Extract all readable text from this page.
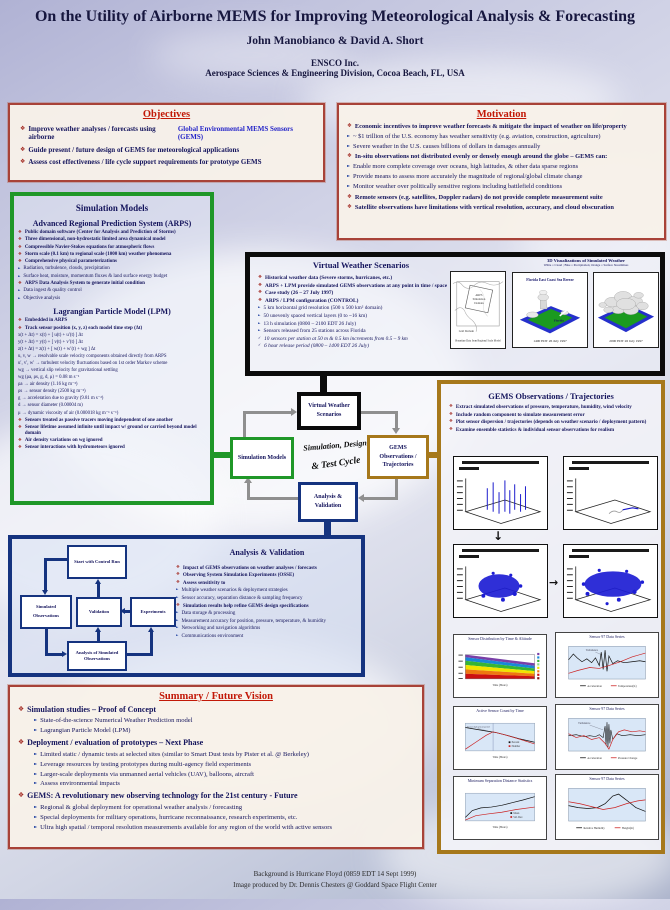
On the Utility of Airborne MEMS for Improving Meteorological Analysis & Forecasting
John Manobianco & David A. Short
ENSCO Inc.
Aerospace Sciences & Engineering Division, Cocoa Beach, FL, USA
Objectives
❖ Improve weather analyses / forecasts using airborne
Global Environmental MEMS Sensors (GEMS)
❖ Guide present / future design of GEMS for meteorological applications
❖ Assess cost effectiveness / life cycle support requirements for prototype GEMS
Motivation
❖ Economic incentives to improve weather forecasts & mitigate the impact of weather on life/property
► ~ $1 trillion of the U.S. economy has weather sensitivity (e.g. aviation, construction, agriculture)
► Severe weather in the U.S. causes billions of dollars in damages annually
❖ In-situ observations not distributed evenly or densely enough around the globe – GEMS can:
► Enable more complete coverage over oceans, high latitudes, & other data sparse regions
► Provide means to assess more accurately the magnitude of regional/global climate change
► Monitor weather over politically sensitive regions including battlefield conditions
❖ Remote sensors (e.g. satellites, Doppler radars) do not provide complete measurement suite
❖ Satellite observations have limitations with vertical resolution, accuracy, and cloud obscuration
Simulation Models
Advanced Regional Prediction System (ARPS)
❖ Public domain software (Center for Analysis and Prediction of Storms)
❖ Three dimensional, non-hydrostatic limited area dynamical model
❖ Compressible Navier-Stokes equations for atmospheric flows
❖ Storm scale (0.1 km) to regional scale (1000 km) weather phenomena
❖ Comprehensive physical parameterizations
► Radiation, turbulence, clouds, precipitation
► Surface heat, moisture, momentum fluxes & land surface energy budget
❖ ARPS Data Analysis System to generate initial condition
► Data ingest & quality control
► Objective analysis
Lagrangian Particle Model (LPM)
❖ Embedded in ARPS
❖ Track sensor position (x, y, z) each model time step (Δt)
x(t + Δt) = x(t) + [ u(t) + u′(t) ] Δt
y(t + Δt) = y(t) + [ v(t) + v′(t) ] Δt
z(t + Δt) = z(t) + [ w(t) + w′(t) + wg ] Δt
u, v, w → resolvable scale velocity components obtained directly from ARPS
u′, v′, w′ → turbulent velocity fluctuations based on 1st order Markov scheme
wg → vertical slip velocity for gravitational settling
wg (ρa, ρs, g, d, μ) = 0.08 m s⁻¹
ρa → air density (1.16 kg m⁻³)
ρs → sensor density (2500 kg m⁻³)
g → acceleration due to gravity (9.81 m s⁻²)
d → sensor diameter (0.00004 m)
μ → dynamic viscosity of air (0.000018 kg m⁻¹ s⁻¹)
❖ Sensors treated as passive tracers moving independent of one another
❖ Sensor lifetime assumed infinite until impact w/ ground or carried beyond model domain
❖ Air density variations on wg ignored
❖ Sensor interactions with hydrometeors ignored
Virtual Weather Scenarios
❖ Historical weather data (Severe storms, hurricanes, etc.)
❖ ARPS + LPM provide simulated GEMS observations at any point in time / space
❖ Case study (26 – 27 July 1997)
❖ ARPS / LPM configuration (CONTROL)
► 5 km horizontal grid resolution (500 x 500 km² domain)
► 50 unevenly spaced vertical layers (0 to ~16 km)
► 13 h simulation (0800 – 2100 EDT 26 July)
► Sensors released from 25 stations across Florida
✓ 10 sensors per station at 50 m & 0.5 km increments from 0.5 – 9 km
✓ 6 hour release period (0800 – 1400 EDT 26 July)
ARPS
Simulation
Domain
Grid Domain
Boundary Data from Regional Scale Model
3D Visualizations of Simulated Weather
White = Cloud ; Blue = Precipitation; Orange = Surface Streamlines
Florida East Coast Sea Breeze
Florida
1400 EDT 26 July 1997	2000 EDT 26 July 1997
Virtual Weather Scenarios
Simulation Models
GEMS Observations / Trajectories
Analysis & Validation
Simulation, Design
& Test Cycle
GEMS Observations / Trajectories
❖ Extract simulated observations of pressure, temperature, humidity, wind velocity
❖ Include random component to simulate measurement error
❖ Plot sensor dispersion / trajectories (depends on weather scenario / deployment pattern)
❖ Examine ensemble statistics & individual sensor observations for realism
↓
→
Sensor Distribution by Time & Altitude
Time (Hours)
Sensor 97 Data Series
Turbulence
Acceleration	Temperature(K)
Active Sensor Count by Time
Sensor deployment period
Percent
Number
Time (Hours)
Sensor 97 Data Series
Turbulence
Acceleration	Pressure Change
Minimum Separation Distance Statistics
Mean
Std. Dev.
Time (Hours)
Sensor 97 Data Series
Relative Humidity	Height(m)
Start with Control Run
Simulated Observations
Validation	Experiments
Analysis of Simulated Observations
Analysis & Validation
❖ Impact of GEMS observations on weather analyses / forecasts
❖ Observing System Simulation Experiments (OSSE)
❖ Assess sensitivity to
► Multiple weather scenarios & deployment strategies
► Sensor accuracy, separation distance & sampling frequency
❖ Simulation results help refine GEMS design specifications
► Data storage & processing
► Measurement accuracy for position, pressure, temperature, & humidity
► Networking and navigation algorithms
► Communications environment
Summary / Future Vision
❖ Simulation studies – Proof of Concept
► State-of-the-science Numerical Weather Prediction model
► Lagrangian Particle Model (LPM)
❖ Deployment / evaluation of prototypes – Next Phase
► Limited static / dynamic tests at selected sites (similar to Smart Dust tests by Pister et al. @ Berkeley)
► Leverage resources by testing prototypes during multi-agency field experiments
► Larger-scale deployments via unmanned aerial vehicles (UAV), balloons, aircraft
► Assess environmental impacts
❖ GEMS: A revolutionary new observing technology for the 21st century - Future
► Regional & global deployment for operational weather analysis / forecasting
► Special deployments for military operations, hurricane reconnaissance, research experiments, etc.
► Ultra high spatial / temporal resolution measurements available for any region of the world with active sensors
Background is Hurricane Floyd (0859 EDT 14 Sept 1999)
Image produced by Dr. Dennis Chesters @ Goddard Space Flight Center
